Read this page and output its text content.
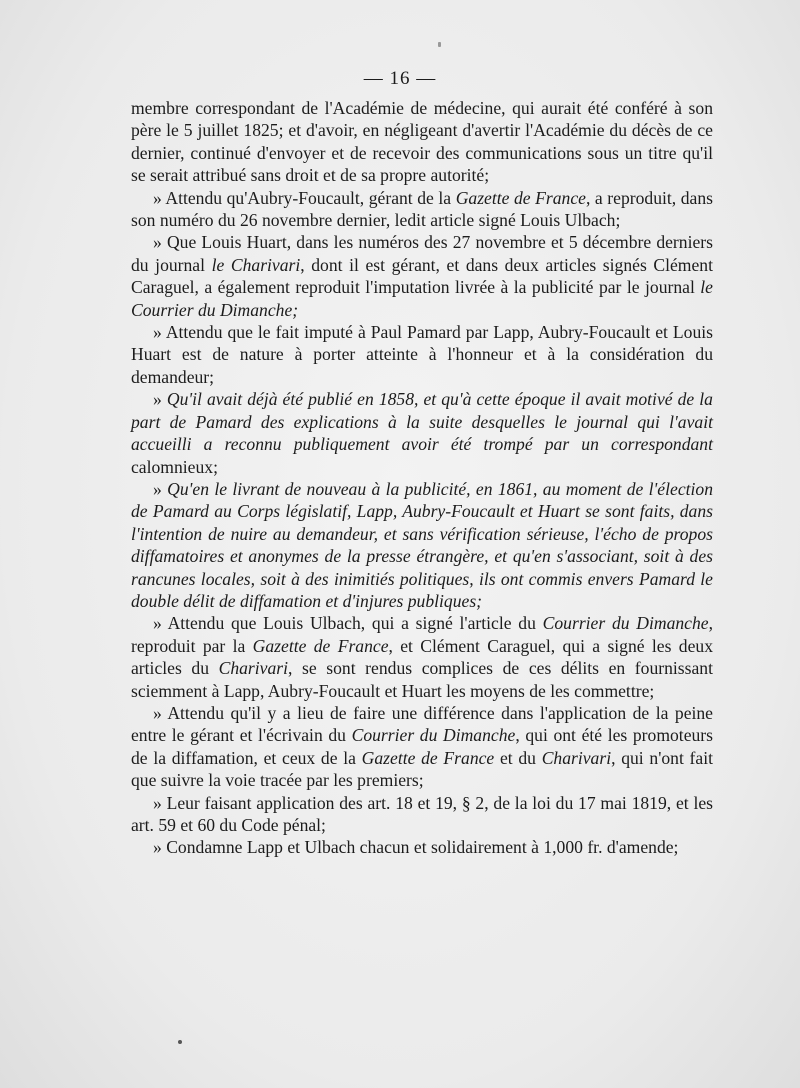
— 16 —

membre correspondant de l'Académie de médecine, qui aurait été conféré à son père le 5 juillet 1825; et d'avoir, en négligeant d'avertir l'Académie du décès de ce dernier, continué d'envoyer et de recevoir des communications sous un titre qu'il se serait attribué sans droit et de sa propre autorité;

» Attendu qu'Aubry-Foucault, gérant de la Gazette de France, a reproduit, dans son numéro du 26 novembre dernier, ledit article signé Louis Ulbach;

» Que Louis Huart, dans les numéros des 27 novembre et 5 décembre derniers du journal le Charivari, dont il est gérant, et dans deux articles signés Clément Caraguel, a également reproduit l'imputation livrée à la publicité par le journal le Courrier du Dimanche;

» Attendu que le fait imputé à Paul Pamard par Lapp, Aubry-Foucault et Louis Huart est de nature à porter atteinte à l'honneur et à la considération du demandeur;

» Qu'il avait déjà été publié en 1858, et qu'à cette époque il avait motivé de la part de Pamard des explications à la suite desquelles le journal qui l'avait accueilli a reconnu publiquement avoir été trompé par un correspondant calomnieux;

» Qu'en le livrant de nouveau à la publicité, en 1861, au moment de l'élection de Pamard au Corps législatif, Lapp, Aubry-Foucault et Huart se sont faits, dans l'intention de nuire au demandeur, et sans vérification sérieuse, l'écho de propos diffamatoires et anonymes de la presse étrangère, et qu'en s'associant, soit à des rancunes locales, soit à des inimitiés politiques, ils ont commis envers Pamard le double délit de diffamation et d'injures publiques;

» Attendu que Louis Ulbach, qui a signé l'article du Courrier du Dimanche, reproduit par la Gazette de France, et Clément Caraguel, qui a signé les deux articles du Charivari, se sont rendus complices de ces délits en fournissant sciemment à Lapp, Aubry-Foucault et Huart les moyens de les commettre;

» Attendu qu'il y a lieu de faire une différence dans l'application de la peine entre le gérant et l'écrivain du Courrier du Dimanche, qui ont été les promoteurs de la diffamation, et ceux de la Gazette de France et du Charivari, qui n'ont fait que suivre la voie tracée par les premiers;

» Leur faisant application des art. 18 et 19, § 2, de la loi du 17 mai 1819, et les art. 59 et 60 du Code pénal;

» Condamne Lapp et Ulbach chacun et solidairement à 1,000 fr. d'amende;
